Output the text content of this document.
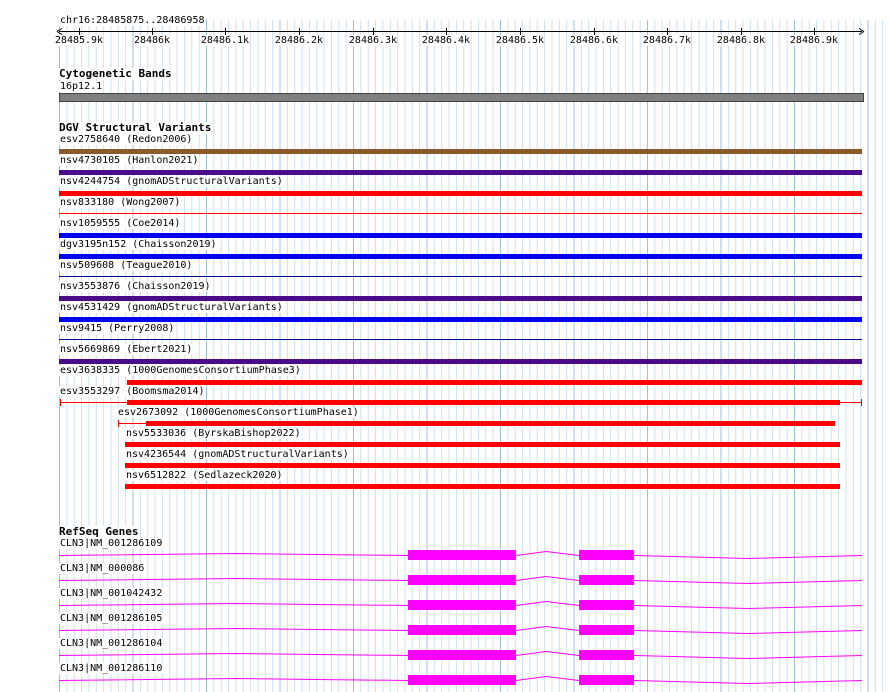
chr16:28485875..28486958
28485.9k	28486k	28486.1k	28486.2k	28486.3k 28486.4k	28486.5k	28486.6k 28486.7k	28486.8k 28486.9k
Cytogenetic Bands
16p12.1
DGV Structural Variants
esv2758640 (Redon2006)
nsv4730105 (Hanlon2021)
nsv4244754 (gnomADStructuralVariants)
nsv833180 (Wong2007)
nsv1059555 (Coe2014)
dgv3195n152 (Chaisson2019)
nsv509608 (Teague2010)
nsv3553876 (Chaisson2019)
nsv4531429 (gnomADStructuralVariants)
nsv9415 (Perry2008)
nsv5669869 (Ebert2021)
esv3638335 (1000GenomesConsortiumPhase3)
esv3553297 (Boomsma2014)
esv2673092 (1000GenomesConsortiumPhase1)
nsv5533036 (ByrskaBishop2022)
nsv4236544 (gnomADStructuralVariants)
nsv6512822 (Sedlazeck2020)
RefSeq Genes
CLN3|NM_001286109
CLN3|NM_000086
CLN3|NM_001042432
CLN3|NM_001286105
CLN3|NM_001286104
CLN3|NM_001286110
